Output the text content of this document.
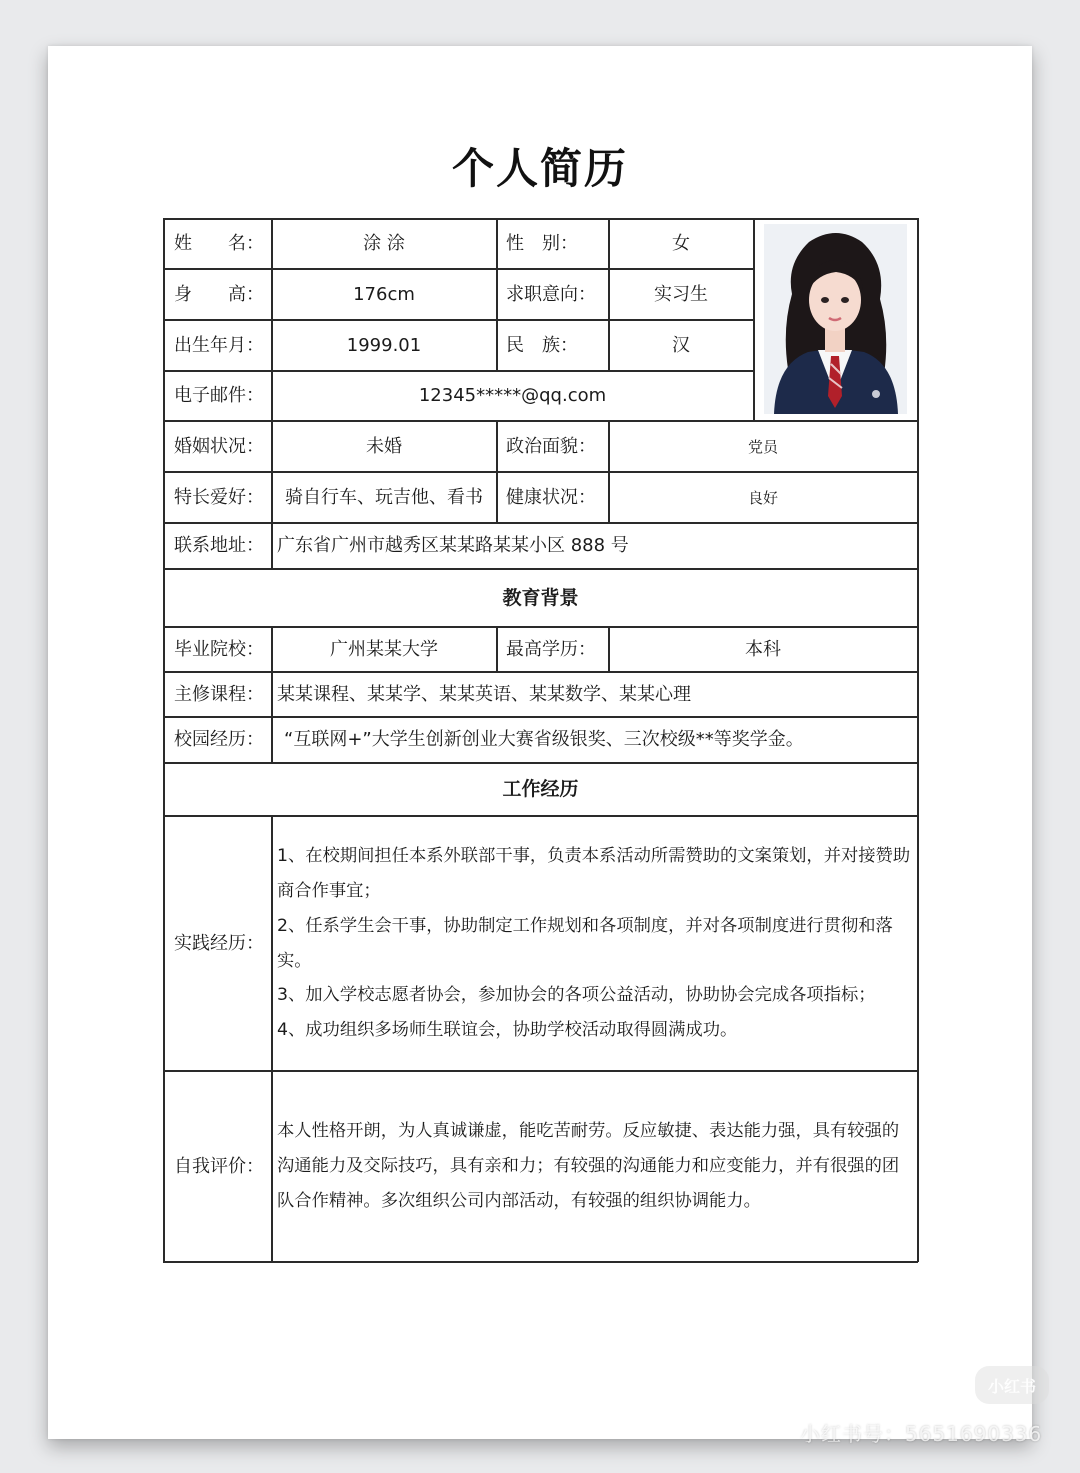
个人简历
姓　　名：	涂 涂	性　别：	女
身　　高：	176cm	求职意向：	实习生
出生年月：	1999.01	民　族：	汉
电子邮件：	12345*****@qq.com
婚姻状况：	未婚	政治面貌：	党员
特长爱好：	骑自行车、玩吉他、看书	健康状况：	良好
联系地址： 广东省广州市越秀区某某路某某小区 888 号
教育背景
毕业院校：	广州某某大学	最高学历：	本科
主修课程： 某某课程、某某学、某某英语、某某数学、某某心理
校园经历：	“互联网+”大学生创新创业大赛省级银奖、三次校级**等奖学金。
工作经历
实践经历：
1、在校期间担任本系外联部干事，负责本系活动所需赞助的文案策划，并对接赞助商合作事宜；
2、任系学生会干事，协助制定工作规划和各项制度，并对各项制度进行贯彻和落实。
3、加入学校志愿者协会，参加协会的各项公益活动，协助协会完成各项指标；
4、成功组织多场师生联谊会，协助学校活动取得圆满成功。
自我评价：
本人性格开朗，为人真诚谦虚，能吃苦耐劳。反应敏捷、表达能力强，具有较强的沟通能力及交际技巧，具有亲和力；有较强的沟通能力和应变能力，并有很强的团队合作精神。多次组织公司内部活动，有较强的组织协调能力。
小红书
小红书号：5651690336
